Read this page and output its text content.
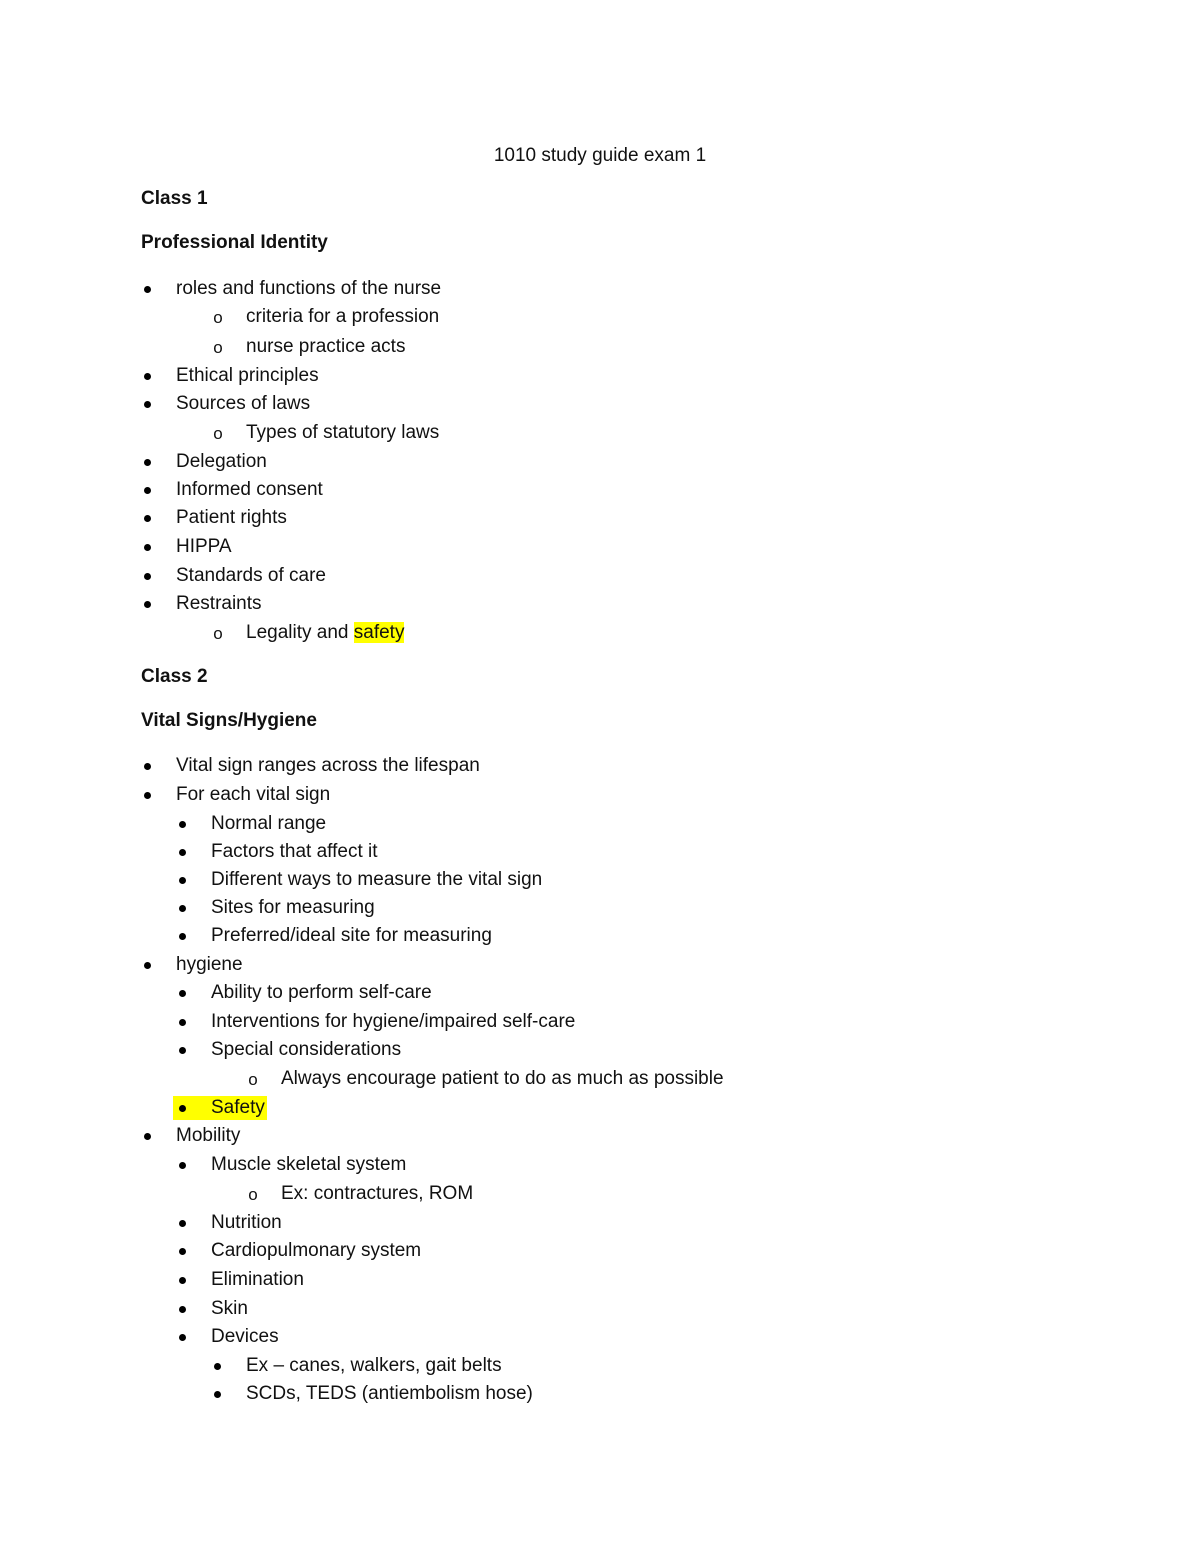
1010 study guide exam 1
Class 1
Professional Identity
roles and functions of the nurse
o
criteria for a profession
o
nurse practice acts
Ethical principles
Sources of laws
o
Types of statutory laws
Delegation
Informed consent
Patient rights
HIPPA
Standards of care
Restraints
o
Legality and safety
Class 2
Vital Signs/Hygiene
Vital sign ranges across the lifespan
For each vital sign
Normal range
Factors that affect it
Different ways to measure the vital sign
Sites for measuring
Preferred/ideal site for measuring
hygiene
Ability to perform self-care
Interventions for hygiene/impaired self-care
Special considerations
o
Always encourage patient to do as much as possible
Safety
Mobility
Muscle skeletal system
o
Ex: contractures, ROM
Nutrition
Cardiopulmonary system
Elimination
Skin
Devices
Ex – canes, walkers, gait belts
SCDs, TEDS (antiembolism hose)
